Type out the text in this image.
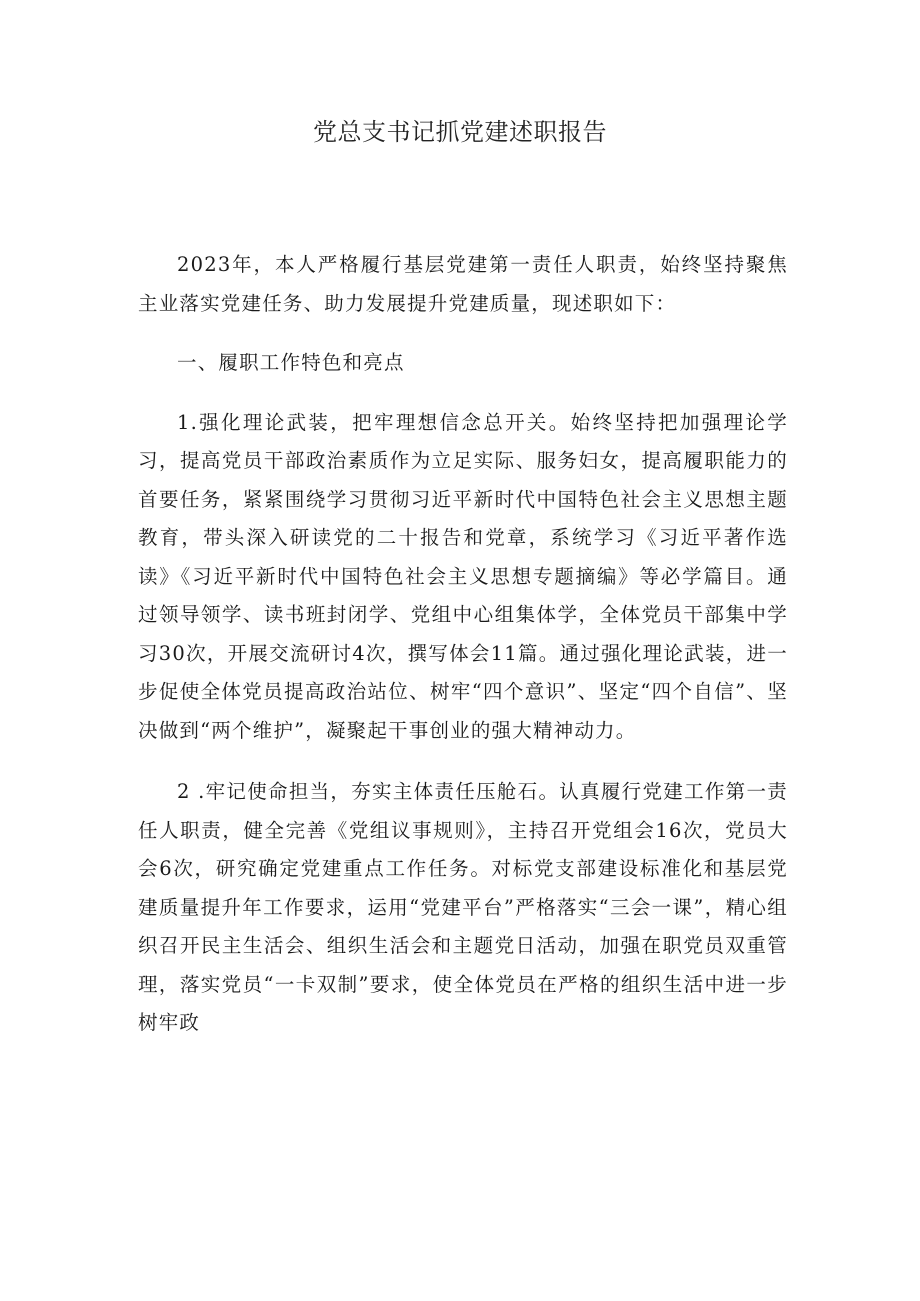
党总支书记抓党建述职报告

2023年，本人严格履行基层党建第一责任人职责，始终坚持聚焦主业落实党建任务、助力发展提升党建质量，现述职如下：

一、履职工作特色和亮点

1.强化理论武装，把牢理想信念总开关。始终坚持把加强理论学习，提高党员干部政治素质作为立足实际、服务妇女，提高履职能力的首要任务，紧紧围绕学习贯彻习近平新时代中国特色社会主义思想主题教育，带头深入研读党的二十报告和党章，系统学习《习近平著作选读》《习近平新时代中国特色社会主义思想专题摘编》等必学篇目。通过领导领学、读书班封闭学、党组中心组集体学，全体党员干部集中学习30次，开展交流研讨4次，撰写体会11篇。通过强化理论武装，进一步促使全体党员提高政治站位、树牢“四个意识”、坚定“四个自信”、坚决做到“两个维护”，凝聚起干事创业的强大精神动力。

2 .牢记使命担当，夯实主体责任压舱石。认真履行党建工作第一责任人职责，健全完善《党组议事规则》，主持召开党组会16次，党员大会6次，研究确定党建重点工作任务。对标党支部建设标准化和基层党建质量提升年工作要求，运用“党建平台”严格落实“三会一课”，精心组织召开民主生活会、组织生活会和主题党日活动，加强在职党员双重管理，落实党员“一卡双制”要求，使全体党员在严格的组织生活中进一步树牢政
